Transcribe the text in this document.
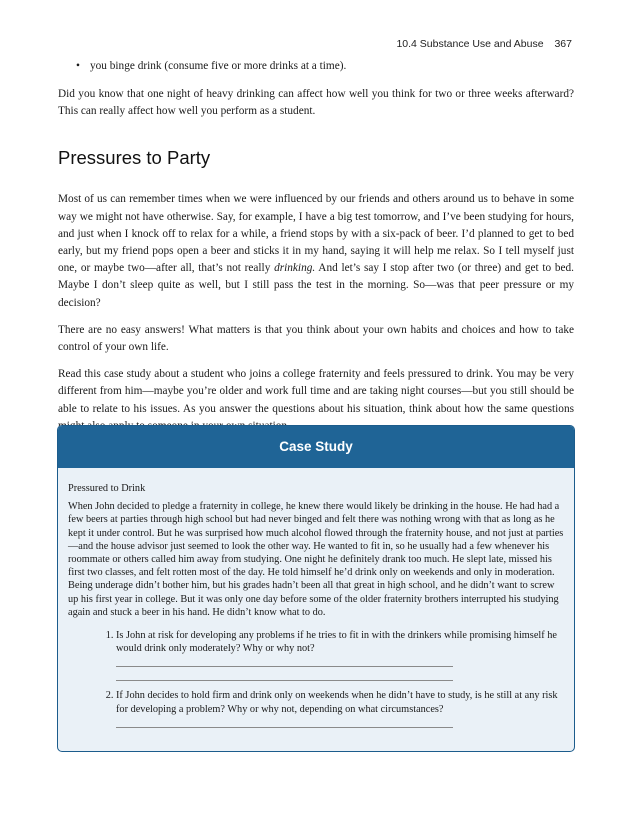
10.4 Substance Use and Abuse 367
• you binge drink (consume five or more drinks at a time).

Did you know that one night of heavy drinking can affect how well you think for two or three weeks afterward? This can really affect how well you perform as a student.

Pressures to Party

Most of us can remember times when we were influenced by our friends and others around us to behave in some way we might not have otherwise. Say, for example, I have a big test tomorrow, and I’ve been studying for hours, and just when I knock off to relax for a while, a friend stops by with a six-pack of beer. I’d planned to get to bed early, but my friend pops open a beer and sticks it in my hand, saying it will help me relax. So I tell myself just one, or maybe two—after all, that’s not really drinking. And let’s say I stop after two (or three) and get to bed. Maybe I don’t sleep quite as well, but I still pass the test in the morning. So—was that peer pressure or my decision?

There are no easy answers! What matters is that you think about your own habits and choices and how to take control of your own life.

Read this case study about a student who joins a college fraternity and feels pressured to drink. You may be very different from him—maybe you’re older and work full time and are taking night courses—but you still should be able to relate to his issues. As you answer the questions about his situation, think about how the same questions

Case Study

Pressured to Drink

When John decided to pledge a fraternity in college, he knew there would likely be drinking in the house. He had had a few beers at parties through high school but had never binged and felt there was nothing wrong with that as long as he kept it under control. But he was surprised how much alcohol flowed through the fraternity house, and not just at parties—and the house advisor just seemed to look the other way. He wanted to fit in, so he usually had a few whenever his roommate or others called him away from studying. One night he definitely drank too much. He slept late, missed his first two classes, and felt rotten most of the day. He told himself he’d drink only on weekends and only in moderation. Being underage didn’t bother him, but his grades hadn’t been all that great in high school, and he didn’t want to screw up his first year in college. But it was only one day before some of the older fraternity brothers interrupted his studying again and stuck a beer in his hand. He didn’t know what to do.

1. Is John at risk for developing any problems if he tries to fit in with the drinkers while promising himself he would drink only moderately? Why or why not?
2. If John decides to hold firm and drink only on weekends when he didn’t have to study, is he still at any risk for developing a problem? Why or why not, depending on what circumstances?
